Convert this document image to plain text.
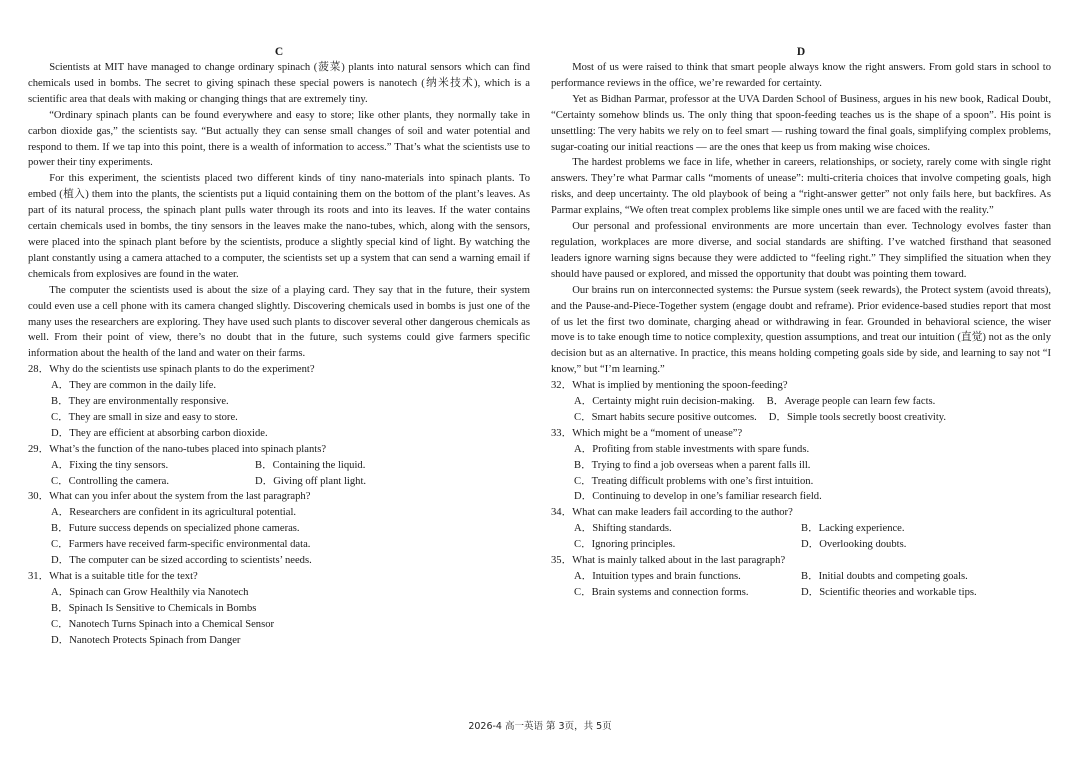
C

Scientists at MIT have managed to change ordinary spinach (菠菜) plants into natural sensors which can find chemicals used in bombs. The secret to giving spinach these special powers is nanotech (纳米技术), which is a scientific area that deals with making or changing things that are extremely tiny.

“Ordinary spinach plants can be found everywhere and easy to store; like other plants, they normally take in carbon dioxide gas,” the scientists say. “But actually they can sense small changes of soil and water potential and respond to them. If we tap into this point, there is a wealth of information to access.” That’s what the scientists use to power their tiny experiments.

For this experiment, the scientists placed two different kinds of tiny nano-materials into spinach plants. To embed (植入) them into the plants, the scientists put a liquid containing them on the bottom of the plant’s leaves. As part of its natural process, the spinach plant pulls water through its roots and into its leaves. If the water contains certain chemicals used in bombs, the tiny sensors in the leaves make the nano-tubes, which, along with the sensors, were placed into the spinach plant before by the scientists, produce a slightly special kind of light. By watching the plant constantly using a camera attached to a computer, the scientists set up a system that can send a warning email if chemicals from explosives are found in the water.

The computer the scientists used is about the size of a playing card. They say that in the future, their system could even use a cell phone with its camera changed slightly. Discovering chemicals used in bombs is just one of the many uses the researchers are exploring. They have used such plants to discover several other dangerous chemicals as well. From their point of view, there’s no doubt that in the future, such systems could give farmers specific information about the health of the land and water on their farms.

28．Why do the scientists use spinach plants to do the experiment?
A．They are common in the daily life.
B．They are environmentally responsive.
C．They are small in size and easy to store.
D．They are efficient at absorbing carbon dioxide.
29．What’s the function of the nano-tubes placed into spinach plants?
A．Fixing the tiny sensors.	B．Containing the liquid.
C．Controlling the camera.	D．Giving off plant light.
30．What can you infer about the system from the last paragraph?
A．Researchers are confident in its agricultural potential.
B．Future success depends on specialized phone cameras.
C．Farmers have received farm-specific environmental data.
D．The computer can be sized according to scientists’ needs.
31．What is a suitable title for the text?
A．Spinach can Grow Healthily via Nanotech
B．Spinach Is Sensitive to Chemicals in Bombs
C．Nanotech Turns Spinach into a Chemical Sensor
D．Nanotech Protects Spinach from Danger
D

Most of us were raised to think that smart people always know the right answers. From gold stars in school to performance reviews in the office, we’re rewarded for certainty.

Yet as Bidhan Parmar, professor at the UVA Darden School of Business, argues in his new book, Radical Doubt, “Certainty somehow blinds us. The only thing that spoon-feeding teaches us is the shape of a spoon”. His point is unsettling: The very habits we rely on to feel smart — rushing toward the final goals, simplifying complex problems, sugar-coating our initial reactions — are the ones that keep us from making wise choices.

The hardest problems we face in life, whether in careers, relationships, or society, rarely come with single right answers. They’re what Parmar calls “moments of unease”: multi-criteria choices that involve competing goals, high risks, and deep uncertainty. The old playbook of being a “right-answer getter” not only fails here, but backfires. As Parmar explains, “We often treat complex problems like simple ones until we are faced with the reality.”

Our personal and professional environments are more uncertain than ever. Technology evolves faster than regulation, workplaces are more diverse, and social standards are shifting. I’ve watched firsthand that seasoned leaders ignore warning signs because they were addicted to “feeling right.” They simplified the situation when they should have paused or explored, and missed the opportunity that doubt was pointing them toward.

Our brains run on interconnected systems: the Pursue system (seek rewards), the Protect system (avoid threats), and the Pause-and-Piece-Together system (engage doubt and reframe). Prior evidence-based studies report that most of us let the first two dominate, charging ahead or withdrawing in fear. Grounded in behavioral science, the wiser move is to take enough time to notice complexity, question assumptions, and treat our intuition (直觉) not as the only decision but as an alternative. In practice, this means holding competing goals side by side, and learning to say not “I know,” but “I’m learning.”

32．What is implied by mentioning the spoon-feeding?
A．Certainty might ruin decision-making. B．Average people can learn few facts.
C．Smart habits secure positive outcomes. D．Simple tools secretly boost creativity.
33．Which might be a “moment of unease”?
A．Profiting from stable investments with spare funds.
B．Trying to find a job overseas when a parent falls ill.
C．Treating difficult problems with one’s first intuition.
D．Continuing to develop in one’s familiar research field.
34．What can make leaders fail according to the author?
A．Shifting standards.	B．Lacking experience.
C．Ignoring principles.	D．Overlooking doubts.
35．What is mainly talked about in the last paragraph?
A．Intuition types and brain functions.	B．Initial doubts and competing goals.
C．Brain systems and connection forms.	D．Scientific theories and workable tips.
2026-4 高一英语 第 3页，共 5页
